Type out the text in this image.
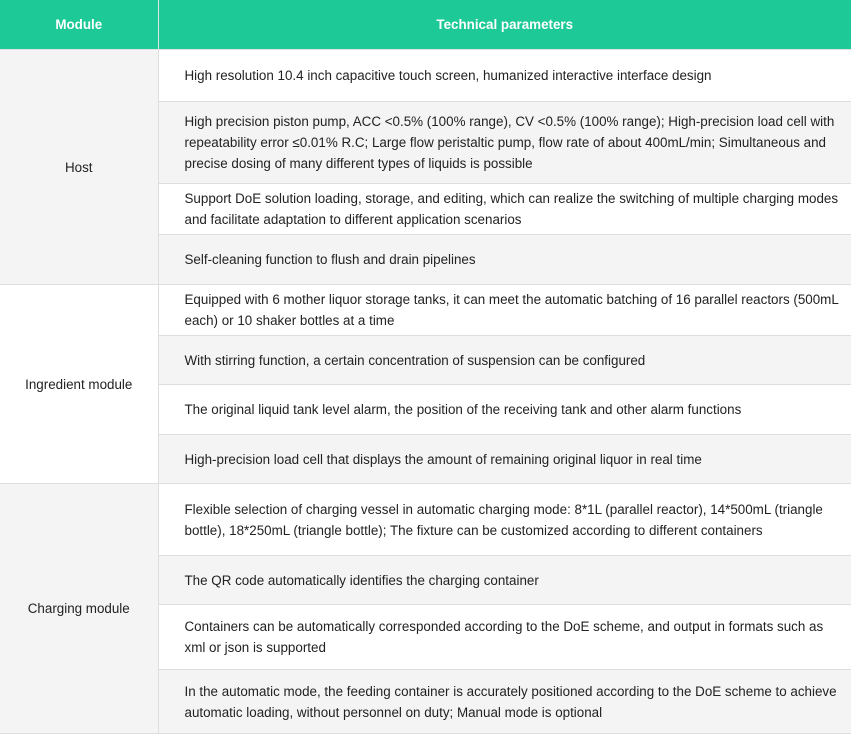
Module	Technical parameters
Host	High resolution 10.4 inch capacitive touch screen, humanized interactive interface design
	High precision piston pump, ACC <0.5% (100% range), CV <0.5% (100% range); High-precision load cell with repeatability error ≤0.01% R.C; Large flow peristaltic pump, flow rate of about 400mL/min; Simultaneous and precise dosing of many different types of liquids is possible
	Support DoE solution loading, storage, and editing, which can realize the switching of multiple charging modes and facilitate adaptation to different application scenarios
	Self-cleaning function to flush and drain pipelines
Ingredient module	Equipped with 6 mother liquor storage tanks, it can meet the automatic batching of 16 parallel reactors (500mL each) or 10 shaker bottles at a time
	With stirring function, a certain concentration of suspension can be configured
	The original liquid tank level alarm, the position of the receiving tank and other alarm functions
	High-precision load cell that displays the amount of remaining original liquor in real time
Charging module	Flexible selection of charging vessel in automatic charging mode: 8*1L (parallel reactor), 14*500mL (triangle bottle), 18*250mL (triangle bottle); The fixture can be customized according to different containers
	The QR code automatically identifies the charging container
	Containers can be automatically corresponded according to the DoE scheme, and output in formats such as xml or json is supported
	In the automatic mode, the feeding container is accurately positioned according to the DoE scheme to achieve automatic loading, without personnel on duty; Manual mode is optional
